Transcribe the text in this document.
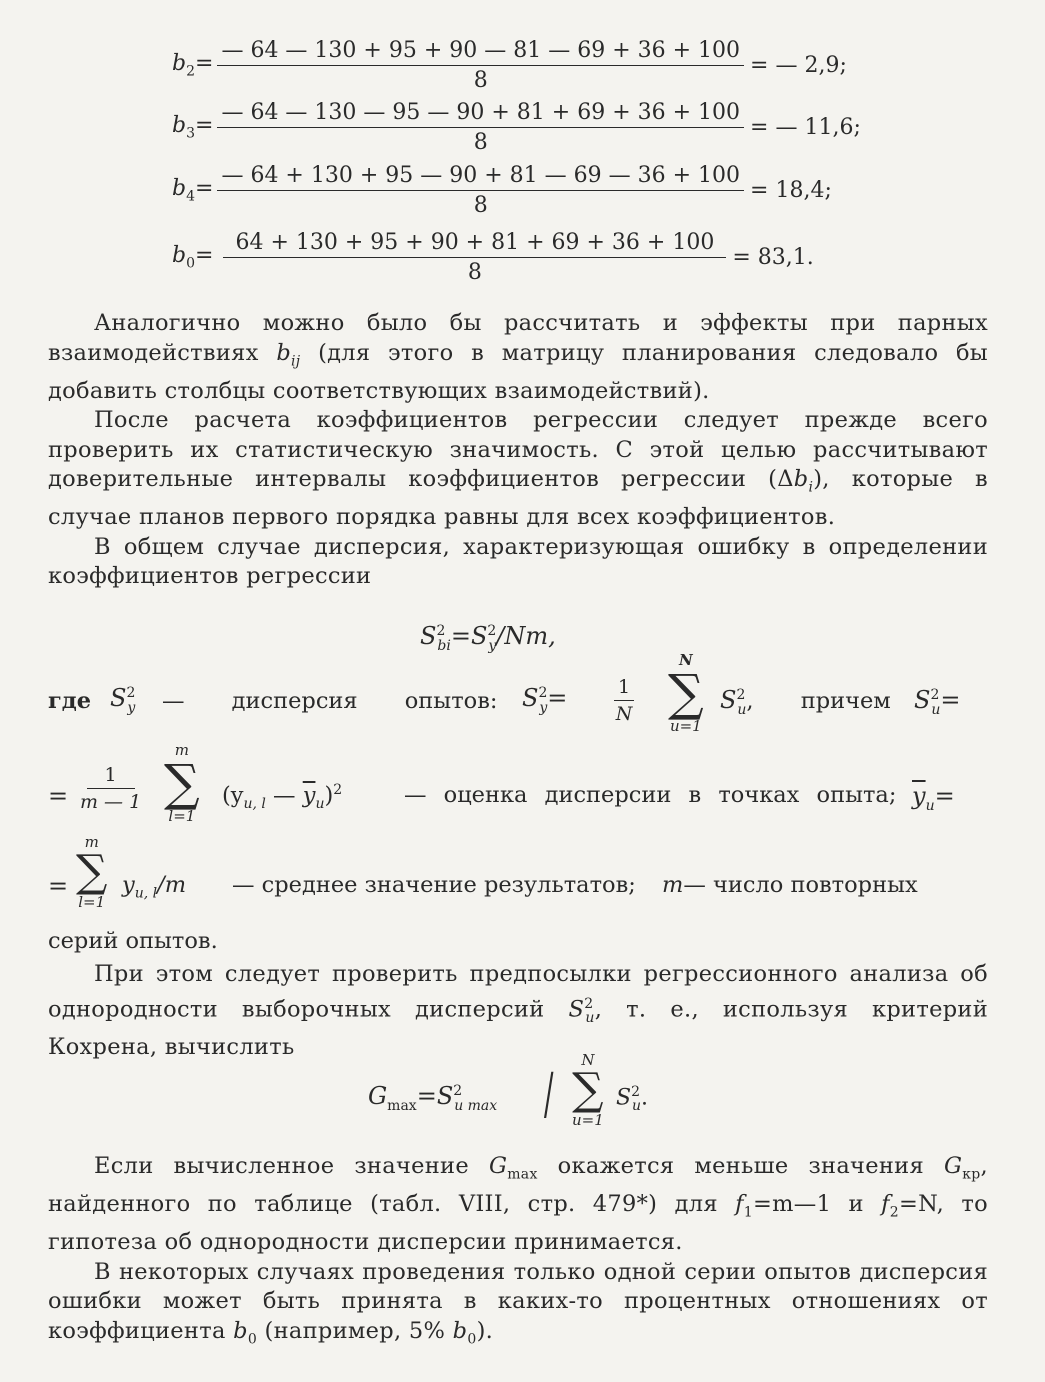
$b_2= \frac{— 64 — 130 + 95 + 90 — 81 — 69 + 36 + 100}{8}$ = — 2,9;
$b_3= \frac{— 64 — 130 — 95 — 90 + 81 + 69 + 36 + 100}{8}$ = — 11,6;
$b_4= \frac{— 64 + 130 + 95 — 90 + 81 — 69 — 36 + 100}{8} = 18,4$;
$b_0= \frac{64 + 130 + 95 + 90 + 81 + 69 + 36 + 100}{8} = 83,1$.

Аналогично можно было бы рассчитать и эффекты при парных взаимодействиях $b_{ij}$ (для этого в матрицу планирования следовало бы добавить столбцы соответствующих взаимодействий).

После расчета коэффициентов регрессии следует прежде всего проверить их статистическую значимость. С этой целью рассчитывают доверительные интервалы коэффициентов регрессии $(\Delta b_i)$, которые в случае планов первого порядка равны для всех коэффициентов.

В общем случае дисперсия, характеризующая ошибку в определении коэффициентов регрессии

$S^2_{bi}=S^2_y/Nm$,
где $S^2_y$ — дисперсия опытов: $S^2_y= \frac{1}{N}$
N
∑
u=1
$S^2_u$, причем $S^2_u=$
= $\frac{1}{m — 1}$
m
∑
l=1
($y_{u, l}$ — $\overline{y}_u)^2$	— оценка дисперсии в точках опыта; $\overline{y}_u=$
=
m
∑
l=1
$y_{u, l}/m$ — среднее значение результатов; m— число повторных
серий опытов.

При этом следует проверить предпосылки регрессионного анализа об однородности выборочных дисперсий $S^2_u$, т. е., используя критерий Кохрена, вычислить

$G_{max}=S^2_{u max}$ /
N
∑
u=1
$S^2_u$.

Если вычисленное значение $G_{max}$ окажется меньше значения $G_{кр}$, найденного по таблице (табл. VIII, стр. 479*) для $f_1=m—1$ и $f_2=N$, то гипотеза об однородности дисперсии принимается.

В некоторых случаях проведения только одной серии опытов дисперсия ошибки может быть принята в каких-то процентных отношениях от коэффициента $b_0$ (например, 5% $b_0$).
